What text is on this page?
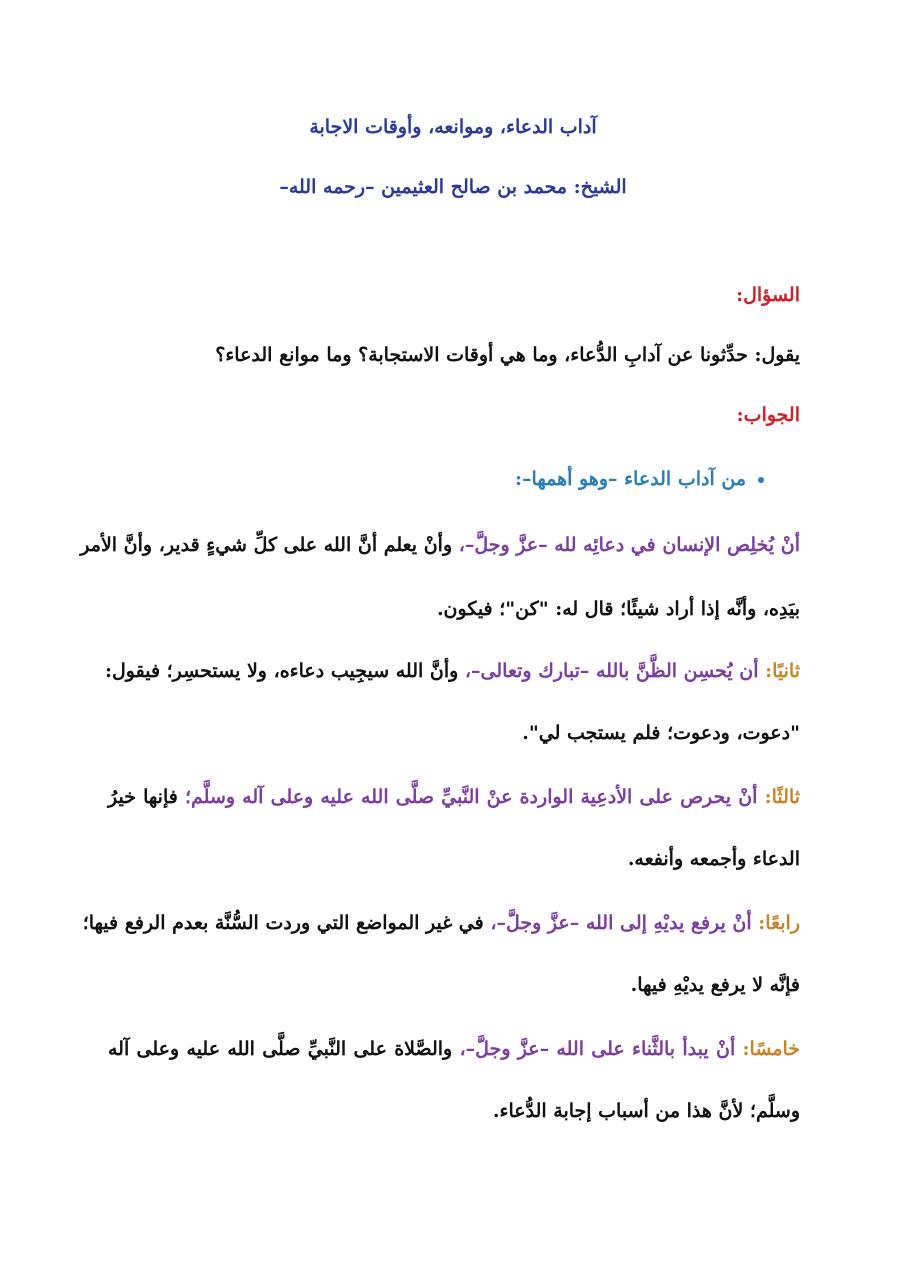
آداب الدعاء، وموانعه، وأوقات الاجابة
الشيخ: محمد بن صالح العثيمين –رحمه الله–
السؤال:
يقول: حدِّثونا عن آدابِ الدُّعاء، وما هي أوقات الاستجابة؟ وما موانع الدعاء؟
الجواب:
من آداب الدعاء –وهو أهمها–:
أنْ يُخلِص الإنسان في دعائِه لله –عزَّ وجلَّ–، وأنْ يعلم أنَّ الله على كلِّ شيءٍ قدير، وأنَّ الأمر
بيَدِه، وأنَّه إذا أراد شيئًا؛ قال له: "كن"؛ فيكون.
ثانيًا: أن يُحسِن الظَّنَّ بالله –تبارك وتعالى–، وأنَّ الله سيجِيب دعاءه، ولا يستحسِر؛ فيقول:
"دعوت، ودعوت؛ فلم يستجب لي".
ثالثًا: أنْ يحرص على الأدعِية الواردة عنْ النَّبيِّ صلَّى الله عليه وعلى آله وسلَّم؛ فإنها خيرُ
الدعاء وأجمعه وأنفعه.
رابعًا: أنْ يرفع يديْهِ إلى الله –عزَّ وجلَّ–، في غير المواضع التي وردت السُّنَّة بعدم الرفع فيها؛
فإنَّه لا يرفع يديْهِ فيها.
خامسًا: أنْ يبدأ بالثَّناء على الله –عزَّ وجلَّ–، والصَّلاة على النَّبيِّ صلَّى الله عليه وعلى آله
وسلَّم؛ لأنَّ هذا من أسباب إجابة الدُّعاء.
